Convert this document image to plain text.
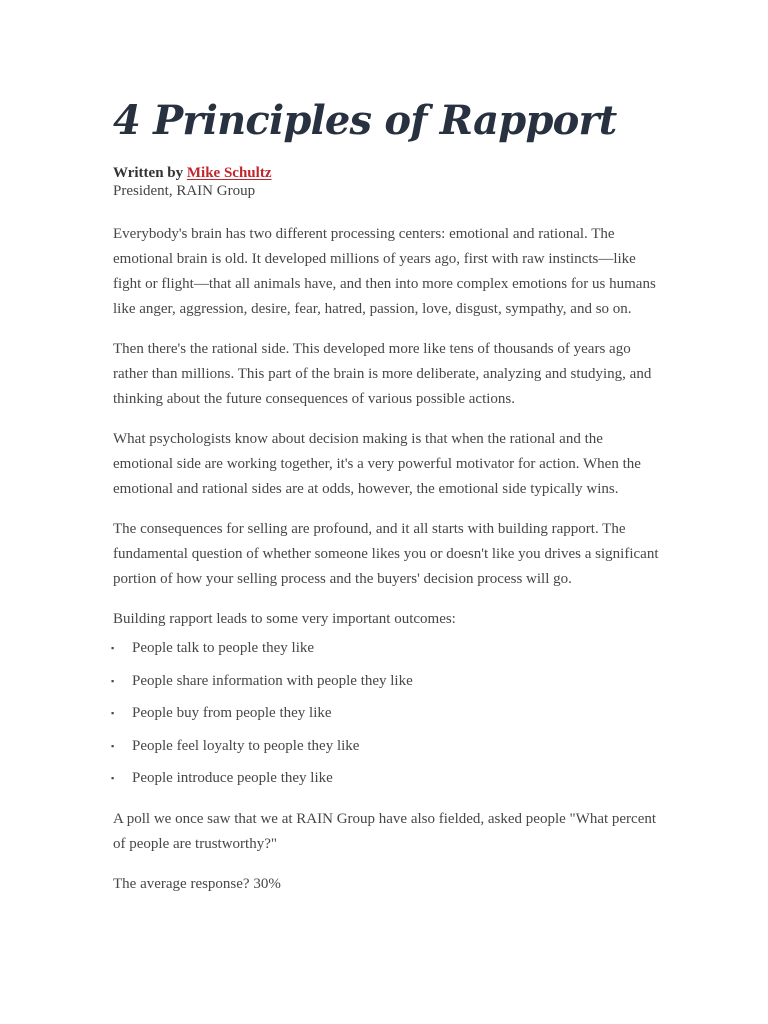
4 Principles of Rapport
Written by Mike Schultz
President, RAIN Group

Everybody's brain has two different processing centers: emotional and rational. The emotional brain is old. It developed millions of years ago, first with raw instincts—like fight or flight—that all animals have, and then into more complex emotions for us humans like anger, aggression, desire, fear, hatred, passion, love, disgust, sympathy, and so on.

Then there's the rational side. This developed more like tens of thousands of years ago rather than millions. This part of the brain is more deliberate, analyzing and studying, and thinking about the future consequences of various possible actions.

What psychologists know about decision making is that when the rational and the emotional side are working together, it's a very powerful motivator for action. When the emotional and rational sides are at odds, however, the emotional side typically wins.

The consequences for selling are profound, and it all starts with building rapport. The fundamental question of whether someone likes you or doesn't like you drives a significant portion of how your selling process and the buyers' decision process will go.

Building rapport leads to some very important outcomes:

▪ People talk to people they like
▪ People share information with people they like
▪ People buy from people they like
▪ People feel loyalty to people they like
▪ People introduce people they like

A poll we once saw that we at RAIN Group have also fielded, asked people "What percent of people are trustworthy?"

The average response? 30%
